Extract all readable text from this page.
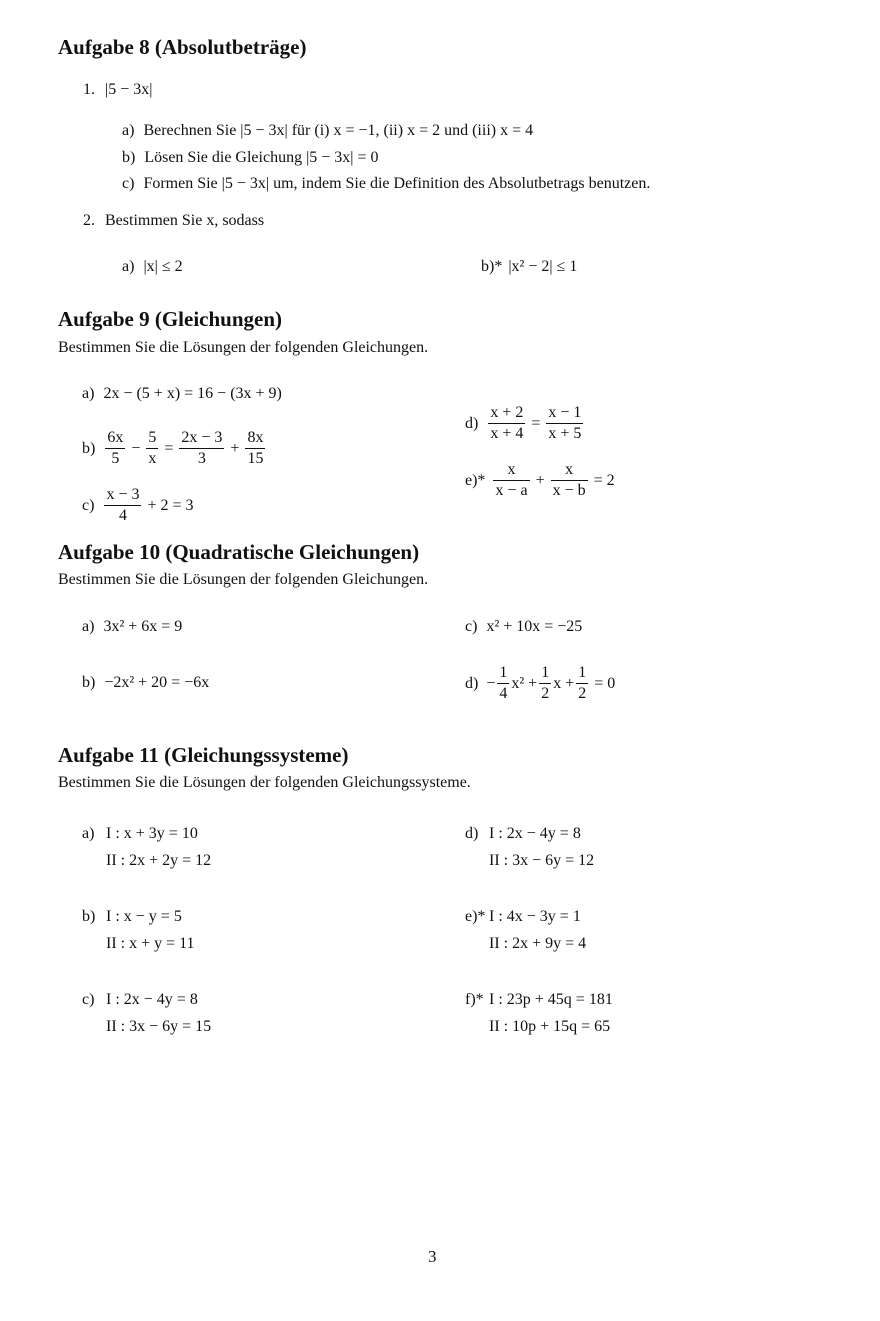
Aufgabe 8 (Absolutbeträge)
1. |5 − 3x|
a) Berechnen Sie |5 − 3x| für (i) x = −1, (ii) x = 2 und (iii) x = 4
b) Lösen Sie die Gleichung |5 − 3x| = 0
c) Formen Sie |5 − 3x| um, indem Sie die Definition des Absolutbetrags benutzen.
2. Bestimmen Sie x, sodass
a) |x| ≤ 2	b)* |x² − 2| ≤ 1
Aufgabe 9 (Gleichungen)
Bestimmen Sie die Lösungen der folgenden Gleichungen.
a) 2x − (5 + x) = 16 − (3x + 9)
$b) \frac{6x}{5} - \frac{5}{x} = \frac{2x - 3}{3} + \frac{8x}{15}$
$c) \frac{x - 3}{4} + 2 = 3$
$d) \frac{x + 2}{x + 4} = \frac{x - 1}{x + 5}$
$e)* \frac{x}{x - a} + \frac{x}{x - b} = 2$
Aufgabe 10 (Quadratische Gleichungen)
Bestimmen Sie die Lösungen der folgenden Gleichungen.
a) 3x² + 6x = 9
b) −2x² + 20 = −6x
c) x² + 10x = −25
$d) - \frac{1}{4} x^2 + \frac{1}{2}$ $x + \frac{1}{2} = 0$
Aufgabe 11 (Gleichungssysteme)
Bestimmen Sie die Lösungen der folgenden Gleichungssysteme.
a) I : x + 3y = 10
II : 2x + 2y = 12
b) I : x − y = 5
II : x + y = 11
c) I : 2x − 4y = 8
II : 3x − 6y = 15
d) I : 2x − 4y = 8
II : 3x − 6y = 12
e)* I : 4x − 3y = 1
II : 2x + 9y = 4
f)* I : 23p + 45q = 181
II : 10p + 15q = 65
3
